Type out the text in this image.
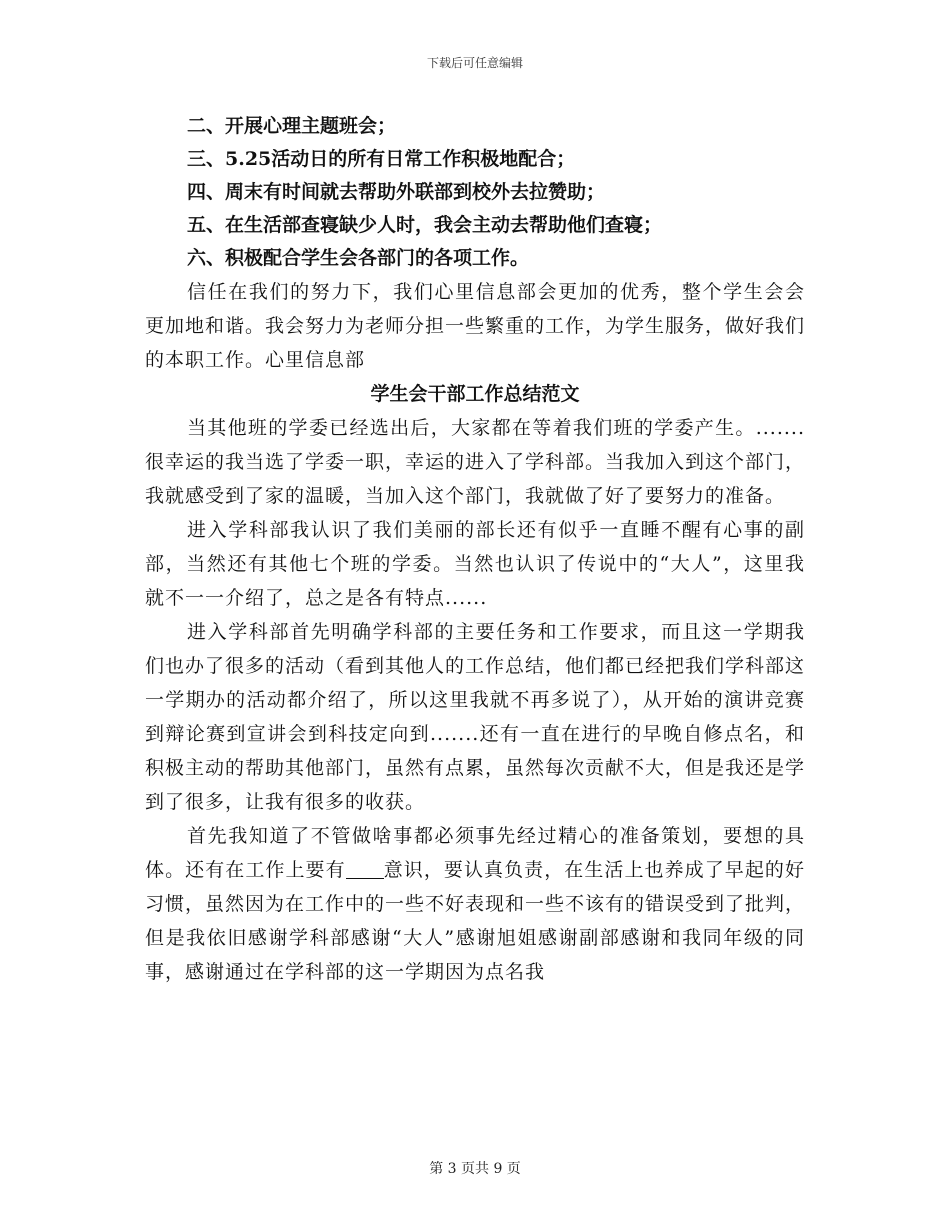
下载后可任意编辑
二、开展心理主题班会；
三、5.25活动日的所有日常工作积极地配合；
四、周末有时间就去帮助外联部到校外去拉赞助；
五、在生活部查寝缺少人时，我会主动去帮助他们查寝；
六、积极配合学生会各部门的各项工作。

信任在我们的努力下，我们心里信息部会更加的优秀，整个学生会会更加地和谐。我会努力为老师分担一些繁重的工作，为学生服务，做好我们的本职工作。心里信息部

学生会干部工作总结范文

当其他班的学委已经选出后，大家都在等着我们班的学委产生。.......很幸运的我当选了学委一职，幸运的进入了学科部。当我加入到这个部门，我就感受到了家的温暖，当加入这个部门，我就做了好了要努力的准备。

进入学科部我认识了我们美丽的部长还有似乎一直睡不醒有心事的副部，当然还有其他七个班的学委。当然也认识了传说中的“大人”，这里我就不一一介绍了，总之是各有特点......

进入学科部首先明确学科部的主要任务和工作要求，而且这一学期我们也办了很多的活动（看到其他人的工作总结，他们都已经把我们学科部这一学期办的活动都介绍了，所以这里我就不再多说了），从开始的演讲竞赛到辩论赛到宣讲会到科技定向到.......还有一直在进行的早晚自修点名，和积极主动的帮助其他部门，虽然有点累，虽然每次贡献不大，但是我还是学到了很多，让我有很多的收获。

首先我知道了不管做啥事都必须事先经过精心的准备策划，要想的具体。还有在工作上要有 意识，要认真负责，在生活上也养成了早起的好习惯，虽然因为在工作中的一些不好表现和一些不该有的错误受到了批判，但是我依旧感谢学科部感谢“大人”感谢旭姐感谢副部感谢和我同年级的同事，感谢通过在学科部的这一学期因为点名我

第 3 页共 9 页
